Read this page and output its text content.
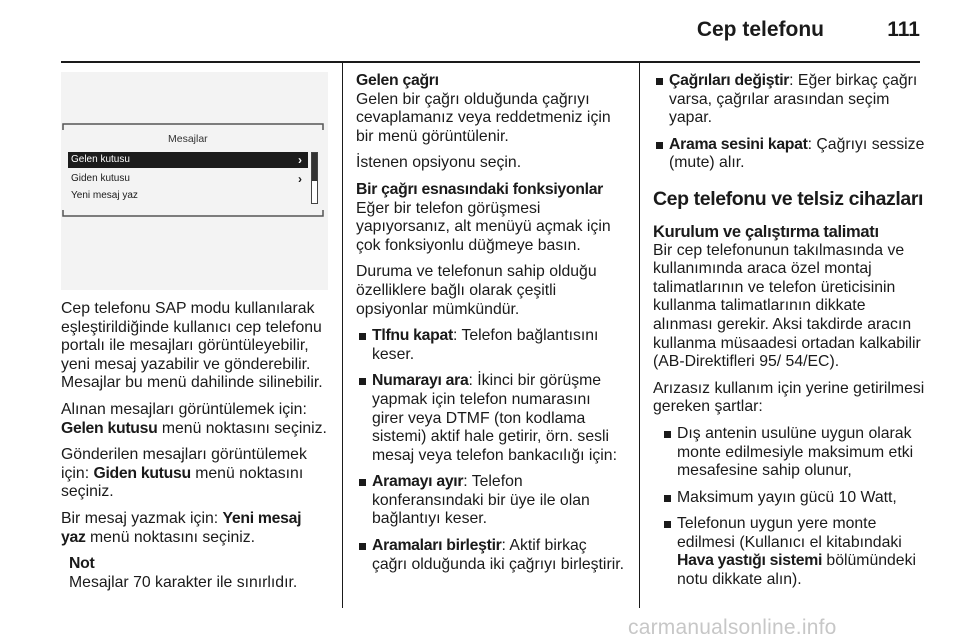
Cep telefonu	111
Mesajlar
Gelen kutusu	›
Giden kutusu	›
Yeni mesaj yaz

Cep telefonu SAP modu kullanılarak eşleştirildiğinde kullanıcı cep telefonu portalı ile mesajları görüntüleyebilir, yeni mesaj yazabilir ve gönderebilir. Mesajlar bu menü dahilinde silinebilir.

Alınan mesajları görüntülemek için:
Gelen kutusu menü noktasını seçiniz.

Gönderilen mesajları görüntülemek için: Giden kutusu menü noktasını seçiniz.

Bir mesaj yazmak için: Yeni mesaj yaz menü noktasını seçiniz.

Not
Mesajlar 70 karakter ile sınırlıdır.
Gelen çağrı

Gelen bir çağrı olduğunda çağrıyı cevaplamanız veya reddetmeniz için bir menü görüntülenir.

İstenen opsiyonu seçin.

Bir çağrı esnasındaki fonksiyonlar

Eğer bir telefon görüşmesi yapıyorsanız, alt menüyü açmak için çok fonksiyonlu düğmeye basın.

Duruma ve telefonun sahip olduğu özelliklere bağlı olarak çeşitli opsiyonlar mümkündür.

Tlfnu kapat: Telefon bağlantısını keser.
Numarayı ara: İkinci bir görüşme yapmak için telefon numarasını girer veya DTMF (ton kodlama sistemi) aktif hale getirir, örn. sesli mesaj veya telefon bankacılığı için:
Aramayı ayır: Telefon konferansındaki bir üye ile olan bağlantıyı keser.
Aramaları birleştir: Aktif birkaç çağrı olduğunda iki çağrıyı birleştirir.
Çağrıları değiştir: Eğer birkaç çağrı varsa, çağrılar arasından seçim yapar.
Arama sesini kapat: Çağrıyı sessize (mute) alır.

Cep telefonu ve telsiz cihazları

Kurulum ve çalıştırma talimatı

Bir cep telefonunun takılmasında ve kullanımında araca özel montaj talimatlarının ve telefon üreticisinin kullanma talimatlarının dikkate alınması gerekir. Aksi takdirde aracın kullanma müsaadesi ortadan kalkabilir (AB-Direktifleri 95/ 54/EC).

Arızasız kullanım için yerine getirilmesi gereken şartlar:

Dış antenin usulüne uygun olarak monte edilmesiyle maksimum etki mesafesine sahip olunur,
Maksimum yayın gücü 10 Watt,
Telefonun uygun yere monte edilmesi (Kullanıcı el kitabındaki Hava yastığı sistemi bölümündeki notu dikkate alın).
carmanualsonline.info
